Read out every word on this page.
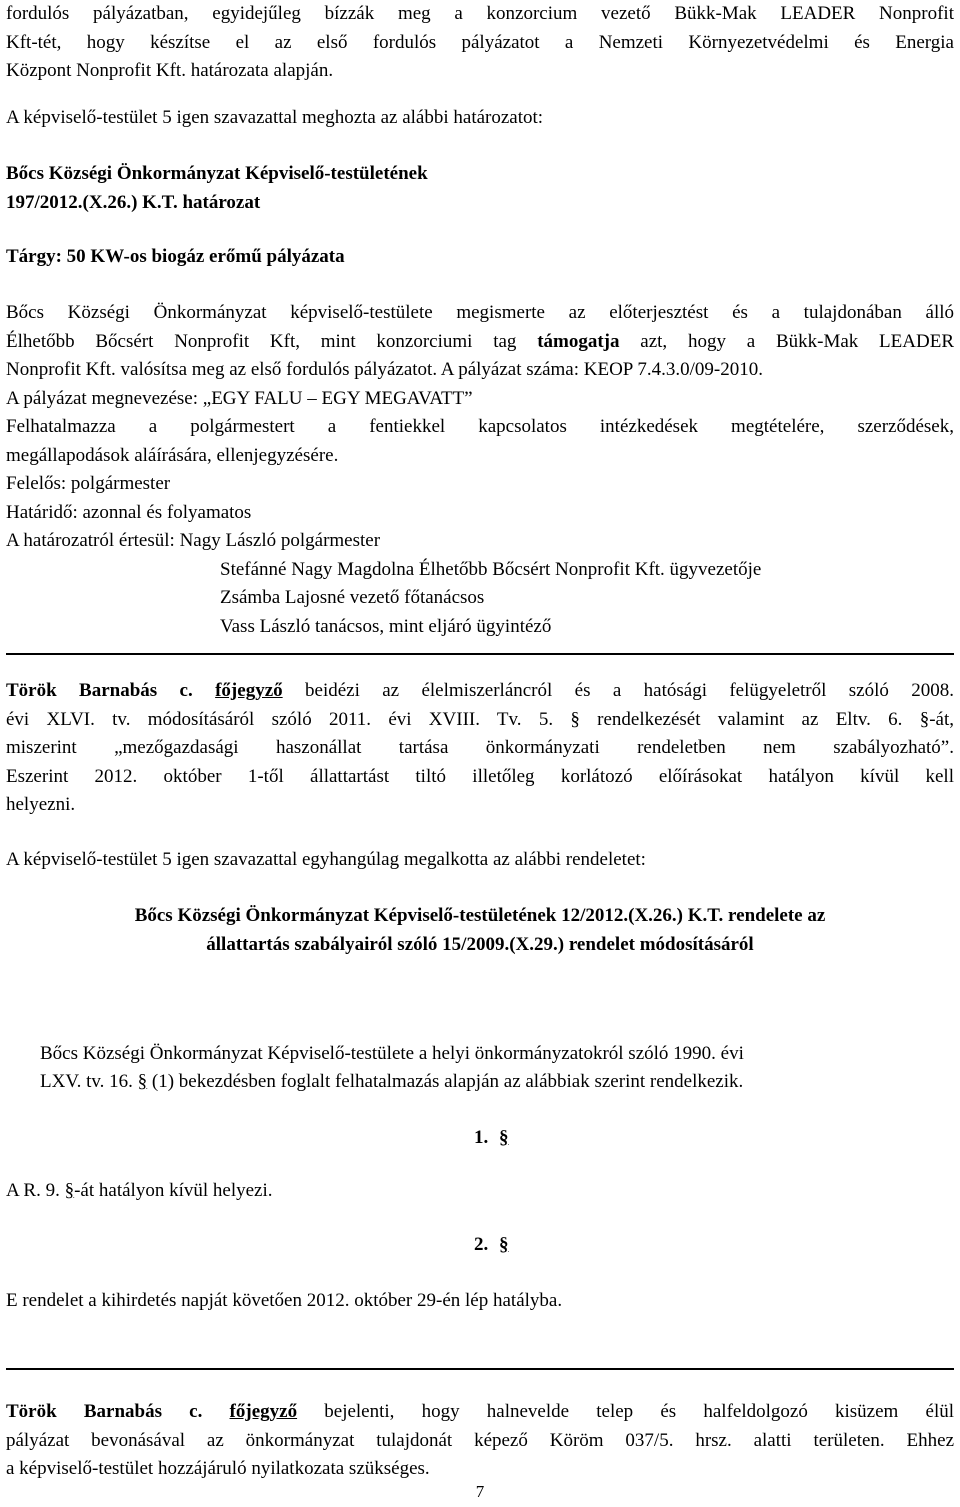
fordulós pályázatban, egyidejűleg bízzák meg a konzorcium vezető Bükk-Mak LEADER Nonprofit

Kft-tét, hogy készítse el az első fordulós pályázatot a Nemzeti Környezetvédelmi és Energia

Központ Nonprofit Kft. határozata alapján.

A képviselő-testület 5 igen szavazattal meghozta az alábbi határozatot:

Bőcs Községi Önkormányzat Képviselő-testületének

197/2012.(X.26.) K.T. határozat

Tárgy: 50 KW-os biogáz erőmű pályázata

Bőcs Községi Önkormányzat képviselő-testülete megismerte az előterjesztést és a tulajdonában álló

Élhetőbb Bőcsért Nonprofit Kft, mint konzorciumi tag támogatja azt, hogy a Bükk-Mak LEADER

Nonprofit Kft. valósítsa meg az első fordulós pályázatot. A pályázat száma: KEOP 7.4.3.0/09-2010.

A pályázat megnevezése: „EGY FALU – EGY MEGAVATT”

Felhatalmazza a polgármestert a fentiekkel kapcsolatos intézkedések megtételére, szerződések,

megállapodások aláírására, ellenjegyzésére.

Felelős: polgármester

Határidő: azonnal és folyamatos

A határozatról értesül: Nagy László polgármester

Stefánné Nagy Magdolna Élhetőbb Bőcsért Nonprofit Kft. ügyvezetője

Zsámba Lajosné vezető főtanácsos

Vass László tanácsos, mint eljáró ügyintéző

Török Barnabás c. főjegyző beidézi az élelmiszerláncról és a hatósági felügyeletről szóló 2008.

évi XLVI. tv. módosításáról szóló 2011. évi XVIII. Tv. 5. § rendelkezését valamint az Eltv. 6. §-át,

miszerint „mezőgazdasági haszonállat tartása önkormányzati rendeletben nem szabályozható”.

Eszerint 2012. október 1-től állattartást tiltó illetőleg korlátozó előírásokat hatályon kívül kell

helyezni.

A képviselő-testület 5 igen szavazattal egyhangúlag megalkotta az alábbi rendeletet:

Bőcs Községi Önkormányzat Képviselő-testületének 12/2012.(X.26.) K.T. rendelete az

állattartás szabályairól szóló 15/2009.(X.29.) rendelet módosításáról

Bőcs Községi Önkormányzat Képviselő-testülete a helyi önkormányzatokról szóló 1990. évi

LXV. tv. 16. § (1) bekezdésben foglalt felhatalmazás alapján az alábbiak szerint rendelkezik.

1. §

A R. 9. §-át hatályon kívül helyezi.

2. §

E rendelet a kihirdetés napját követően 2012. október 29-én lép hatályba.

Török Barnabás c. főjegyző bejelenti, hogy halnevelde telep és halfeldolgozó kisüzem élül

pályázat bevonásával az önkormányzat tulajdonát képező Köröm 037/5. hrsz. alatti területen. Ehhez

a képviselő-testület hozzájáruló nyilatkozata szükséges.

7
